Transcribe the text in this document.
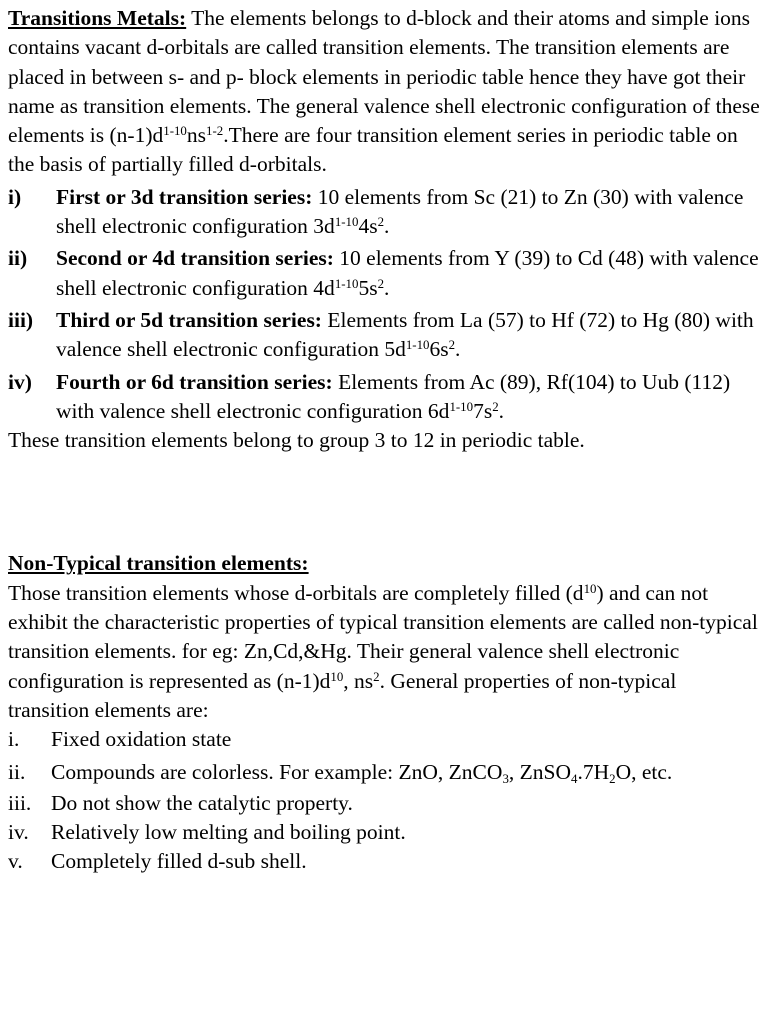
Transitions Metals: The elements belongs to d-block and their atoms and simple ions contains vacant d-orbitals are called transition elements. The transition elements are placed in between s- and p- block elements in periodic table hence they have got their name as transition elements. The general valence shell electronic configuration of these elements is $(n-1)d^{1-10}ns^{1-2}.There$ are four transition element series in periodic table on the basis of partially filled d-orbitals.

i)	First or 3d transition series: 10 elements from Sc (21) to Zn (30) with valence shell electronic configuration $3d^{1-10}4s^2$.
ii)	Second or 4d transition series: 10 elements from Y (39) to Cd (48) with valence shell electronic configuration $4d^{1-10}5s^2$.
iii)	Third or 5d transition series: Elements from La (57) to Hf (72) to Hg (80) with valence shell electronic configuration $5d^{1-10}6s^2$.
iv)	Fourth or 6d transition series: Elements from Ac (89), Rf(104) to Uub (112) with valence shell electronic configuration $6d^{1-10}7s^2$.

These transition elements belong to group 3 to 12 in periodic table.

Non-Typical transition elements:

Those transition elements whose d-orbitals are completely filled $(d^{10})$ and can not exhibit the characteristic properties of typical transition elements are called non-typical transition elements. for eg: Zn,Cd,&Hg. Their general valence shell electronic configuration is represented as $(n-1)d^{10}$, $ns^2$. General properties of non-typical transition elements are:

i.	Fixed oxidation state
ii.	Compounds are colorless. For example: ZnO, ZnCO$_3$, $ZnSO_4.7H_2O$, etc.
iii. Do not show the catalytic property.
iv.	Relatively low melting and boiling point.
v.	Completely filled d-sub shell.
